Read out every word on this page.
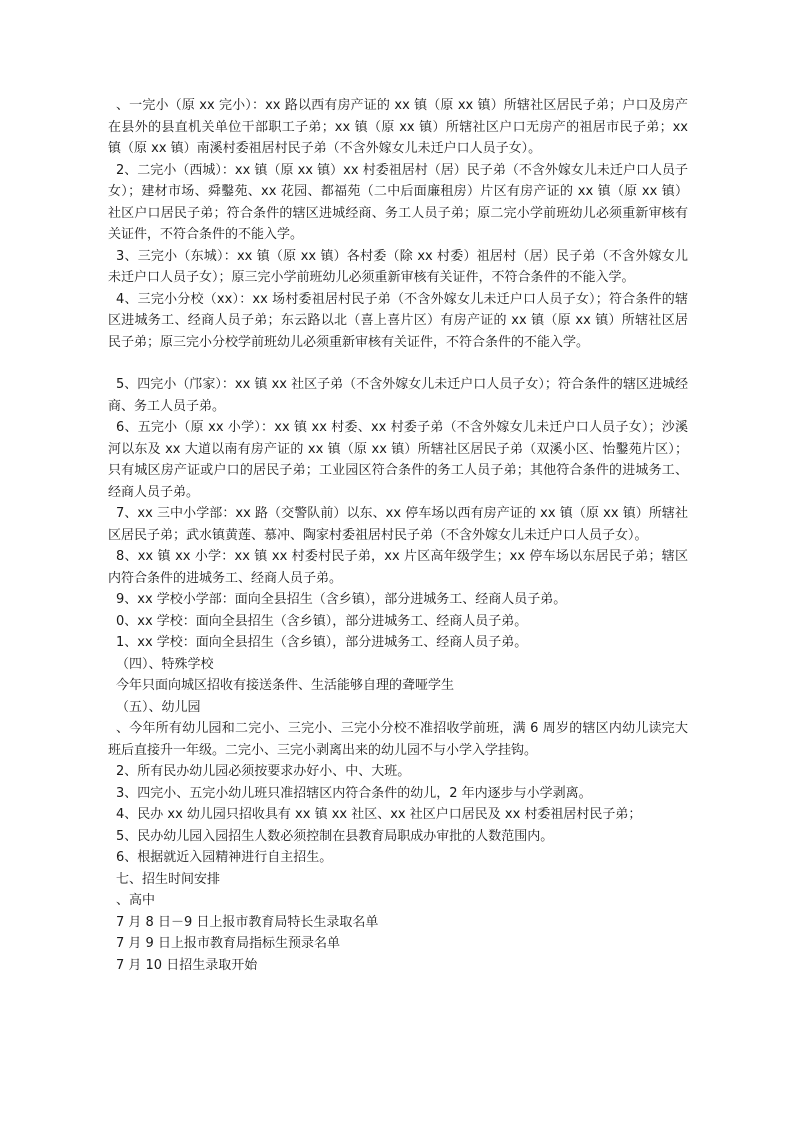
、一完小（原 xx 完小）：xx 路以西有房产证的 xx 镇（原 xx 镇）所辖社区居民子弟；户口及房产在县外的县直机关单位干部职工子弟；xx 镇（原 xx 镇）所辖社区户口无房产的祖居市民子弟；xx 镇（原 xx 镇）南溪村委祖居村民子弟（不含外嫁女儿未迁户口人员子女）。

2、二完小（西城）：xx 镇（原 xx 镇）xx 村委祖居村（居）民子弟（不含外嫁女儿未迁户口人员子女）；建材市场、舜鑿苑、xx 花园、都福苑（二中后面廉租房）片区有房产证的 xx 镇（原 xx 镇）社区户口居民子弟；符合条件的辖区进城经商、务工人员子弟；原二完小学前班幼儿必须重新审核有关证件，不符合条件的不能入学。

3、三完小（东城）：xx 镇（原 xx 镇）各村委（除 xx 村委）祖居村（居）民子弟（不含外嫁女儿未迁户口人员子女）；原三完小学前班幼儿必须重新审核有关证件，不符合条件的不能入学。

4、三完小分校（xx）：xx 场村委祖居村民子弟（不含外嫁女儿未迁户口人员子女）；符合条件的辖区进城务工、经商人员子弟；东云路以北（喜上喜片区）有房产证的 xx 镇（原 xx 镇）所辖社区居民子弟；原三完小分校学前班幼儿必须重新审核有关证件，不符合条件的不能入学。

5、四完小（邝家）：xx 镇 xx 社区子弟（不含外嫁女儿未迁户口人员子女）；符合条件的辖区进城经商、务工人员子弟。

6、五完小（原 xx 小学）：xx 镇 xx 村委、xx 村委子弟（不含外嫁女儿未迁户口人员子女）；沙溪河以东及 xx 大道以南有房产证的 xx 镇（原 xx 镇）所辖社区居民子弟（双溪小区、怡鑿苑片区）；只有城区房产证或户口的居民子弟；工业园区符合条件的务工人员子弟；其他符合条件的进城务工、经商人员子弟。

7、xx 三中小学部：xx 路（交警队前）以东、xx 停车场以西有房产证的 xx 镇（原 xx 镇）所辖社区居民子弟；武水镇黄莲、慕冲、陶家村委祖居村民子弟（不含外嫁女儿未迁户口人员子女）。

8、xx 镇 xx 小学：xx 镇 xx 村委村民子弟，xx 片区高年级学生；xx 停车场以东居民子弟；辖区内符合条件的进城务工、经商人员子弟。

9、xx 学校小学部：面向全县招生（含乡镇），部分进城务工、经商人员子弟。

0、xx 学校：面向全县招生（含乡镇），部分进城务工、经商人员子弟。

1、xx 学校：面向全县招生（含乡镇），部分进城务工、经商人员子弟。

（四）、特殊学校

今年只面向城区招收有接送条件、生活能够自理的聋哑学生

（五）、幼儿园

、今年所有幼儿园和二完小、三完小、三完小分校不准招收学前班，满 6 周岁的辖区内幼儿读完大班后直接升一年级。二完小、三完小剥离出来的幼儿园不与小学入学挂钩。

2、所有民办幼儿园必须按要求办好小、中、大班。

3、四完小、五完小幼儿班只准招辖区内符合条件的幼儿，2 年内逐步与小学剥离。

4、民办 xx 幼儿园只招收具有 xx 镇 xx 社区、xx 社区户口居民及 xx 村委祖居村民子弟；

5、民办幼儿园入园招生人数必须控制在县教育局职成办审批的人数范围内。

6、根据就近入园精神进行自主招生。

七、招生时间安排

、高中

7 月 8 日－9 日上报市教育局特长生录取名单

7 月 9 日上报市教育局指标生预录名单

7 月 10 日招生录取开始
